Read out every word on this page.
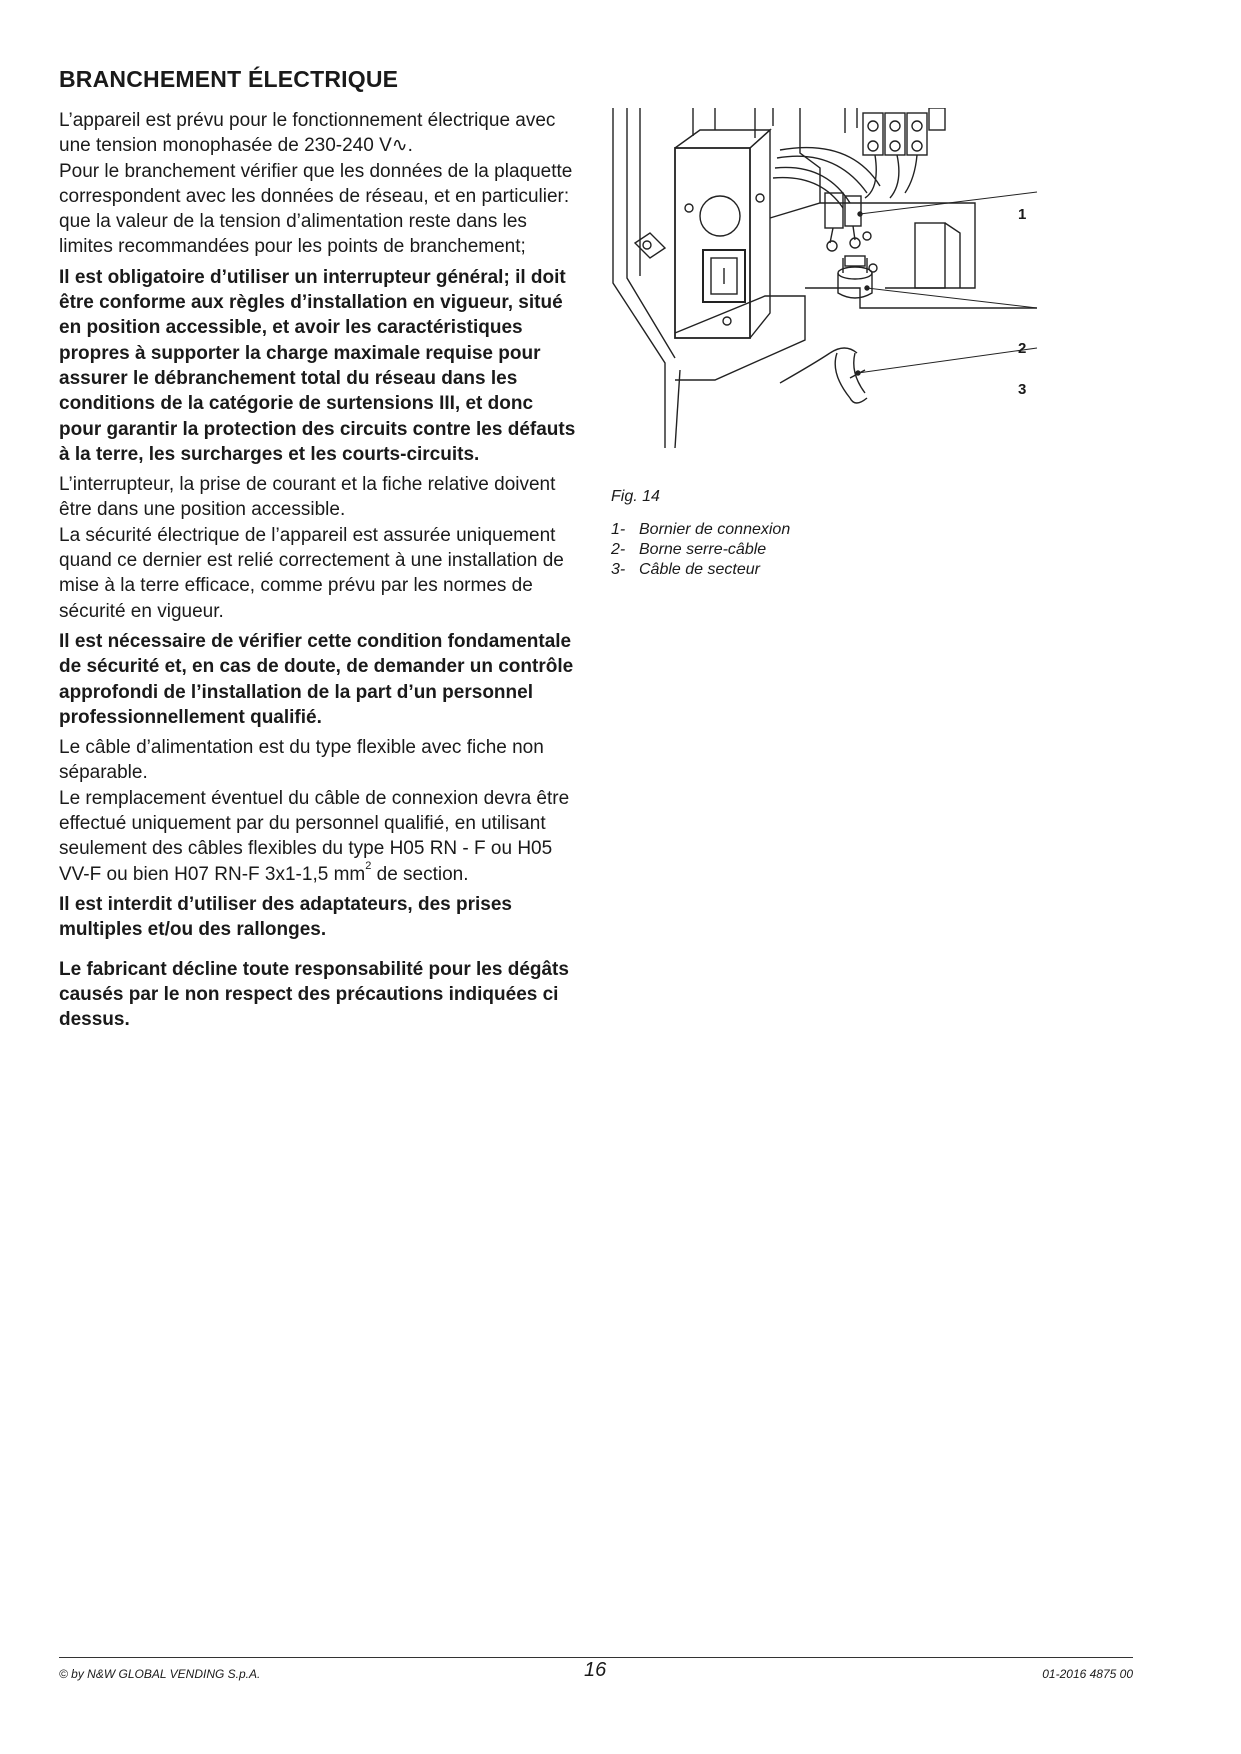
BRANCHEMENT ÉLECTRIQUE

L’appareil est prévu pour le fonctionnement électrique avec une tension monophasée de 230-240 V∿.

Pour le branchement vérifier que les données de la plaquette correspondent avec les données de réseau, et en particulier: que la valeur de la tension d’alimentation reste dans les limites recommandées pour les points de branchement;

Il est obligatoire d’utiliser un interrupteur général; il doit être conforme aux règles d’installation en vigueur, situé en position accessible, et avoir les caractéristiques propres à supporter la charge maximale requise pour assurer le débranchement total du réseau dans les conditions de la catégorie de surtensions III, et donc pour garantir la protection des circuits contre les défauts à la terre, les surcharges et les courts-circuits.

L’interrupteur, la prise de courant et la fiche relative doivent être dans une position accessible.

La sécurité électrique de l’appareil est assurée uniquement quand ce dernier est relié correctement à une installation de mise à la terre efficace, comme prévu par les normes de sécurité en vigueur.

Il est nécessaire de vérifier cette condition fondamentale de sécurité et, en cas de doute, de demander un contrôle approfondi de l’installation de la part d’un personnel professionnellement qualifié.

Le câble d’alimentation est du type flexible avec fiche non séparable.

Le remplacement éventuel du câble de connexion devra être effectué uniquement par du personnel qualifié, en utilisant seulement des câbles flexibles du type H05 RN - F ou H05 VV-F ou bien H07 RN-F 3x1-1,5 $mm^2$ de section.

Il est interdit d’utiliser des adaptateurs, des prises multiples et/ou des rallonges.

Le fabricant décline toute responsabilité pour les dégâts causés par le non respect des précautions indiquées ci dessus.

1
2
3
Fig. 14
1- Bornier de connexion
2- Borne serre-câble
3- Câble de secteur
© by N&W GLOBAL VENDING S.p.A.	16	01-2016 4875 00
